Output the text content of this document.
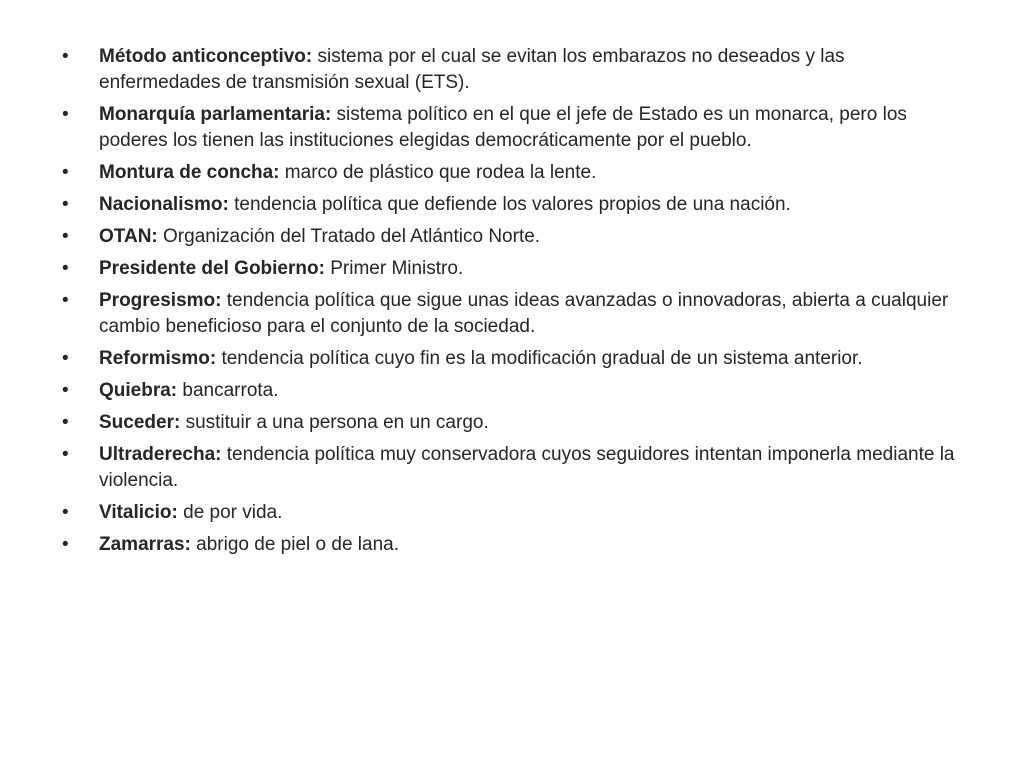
•	Método anticonceptivo: sistema por el cual se evitan los embarazos no deseados y las enfermedades de transmisión sexual (ETS).
•	Monarquía parlamentaria: sistema político en el que el jefe de Estado es un monarca, pero los poderes los tienen las instituciones elegidas democráticamente por el pueblo.
•	Montura de concha: marco de plástico que rodea la lente.
•	Nacionalismo: tendencia política que defiende los valores propios de una nación.
•	OTAN: Organización del Tratado del Atlántico Norte.
•	Presidente del Gobierno: Primer Ministro.
•	Progresismo: tendencia política que sigue unas ideas avanzadas o innovadoras, abierta a cualquier cambio beneficioso para el conjunto de la sociedad.
•	Reformismo: tendencia política cuyo fin es la modificación gradual de un sistema anterior.
•	Quiebra: bancarrota.
•	Suceder: sustituir a una persona en un cargo.
•	Ultraderecha: tendencia política muy conservadora cuyos seguidores intentan imponerla mediante la violencia.
•	Vitalicio: de por vida.
•	Zamarras: abrigo de piel o de lana.
